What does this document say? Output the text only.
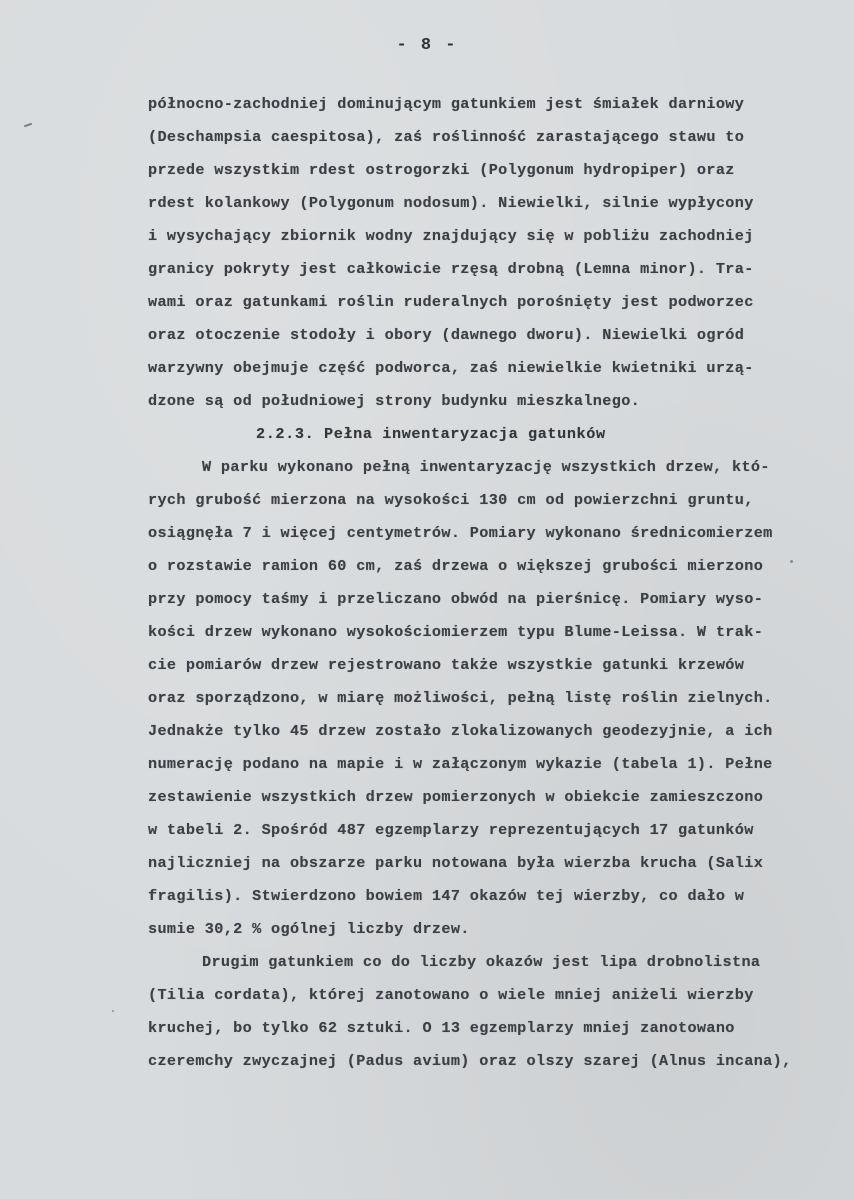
- 8 -
północno-zachodniej dominującym gatunkiem jest śmiałek darniowy
(Deschampsia caespitosa), zaś roślinność zarastającego stawu to
przede wszystkim rdest ostrogorzki (Polygonum hydropiper) oraz
rdest kolankowy (Polygonum nodosum). Niewielki, silnie wypłycony
i wysychający zbiornik wodny znajdujący się w pobliżu zachodniej
granicy pokryty jest całkowicie rzęsą drobną (Lemna minor). Tra-
wami oraz gatunkami roślin ruderalnych porośnięty jest podworzec
oraz otoczenie stodoły i obory (dawnego dworu). Niewielki ogród
warzywny obejmuje część podworca, zaś niewielkie kwietniki urzą-
dzone są od południowej strony budynku mieszkalnego.
2.2.3. Pełna inwentaryzacja gatunków
W parku wykonano pełną inwentaryzację wszystkich drzew, któ-
rych grubość mierzona na wysokości 130 cm od powierzchni gruntu,
osiągnęła 7 i więcej centymetrów. Pomiary wykonano średnicomierzem
o rozstawie ramion 60 cm, zaś drzewa o większej grubości mierzono
przy pomocy taśmy i przeliczano obwód na pierśnicę. Pomiary wyso-
kości drzew wykonano wysokościomierzem typu Blume-Leissa. W trak-
cie pomiarów drzew rejestrowano także wszystkie gatunki krzewów
oraz sporządzono, w miarę możliwości, pełną listę roślin zielnych.
Jednakże tylko 45 drzew zostało zlokalizowanych geodezyjnie, a ich
numerację podano na mapie i w załączonym wykazie (tabela 1). Pełne
zestawienie wszystkich drzew pomierzonych w obiekcie zamieszczono
w tabeli 2. Spośród 487 egzemplarzy reprezentujących 17 gatunków
najliczniej na obszarze parku notowana była wierzba krucha (Salix
fragilis). Stwierdzono bowiem 147 okazów tej wierzby, co dało w
sumie 30,2 % ogólnej liczby drzew.
Drugim gatunkiem co do liczby okazów jest lipa drobnolistna
(Tilia cordata), której zanotowano o wiele mniej aniżeli wierzby
kruchej, bo tylko 62 sztuki. O 13 egzemplarzy mniej zanotowano
czeremchy zwyczajnej (Padus avium) oraz olszy szarej (Alnus incana),
